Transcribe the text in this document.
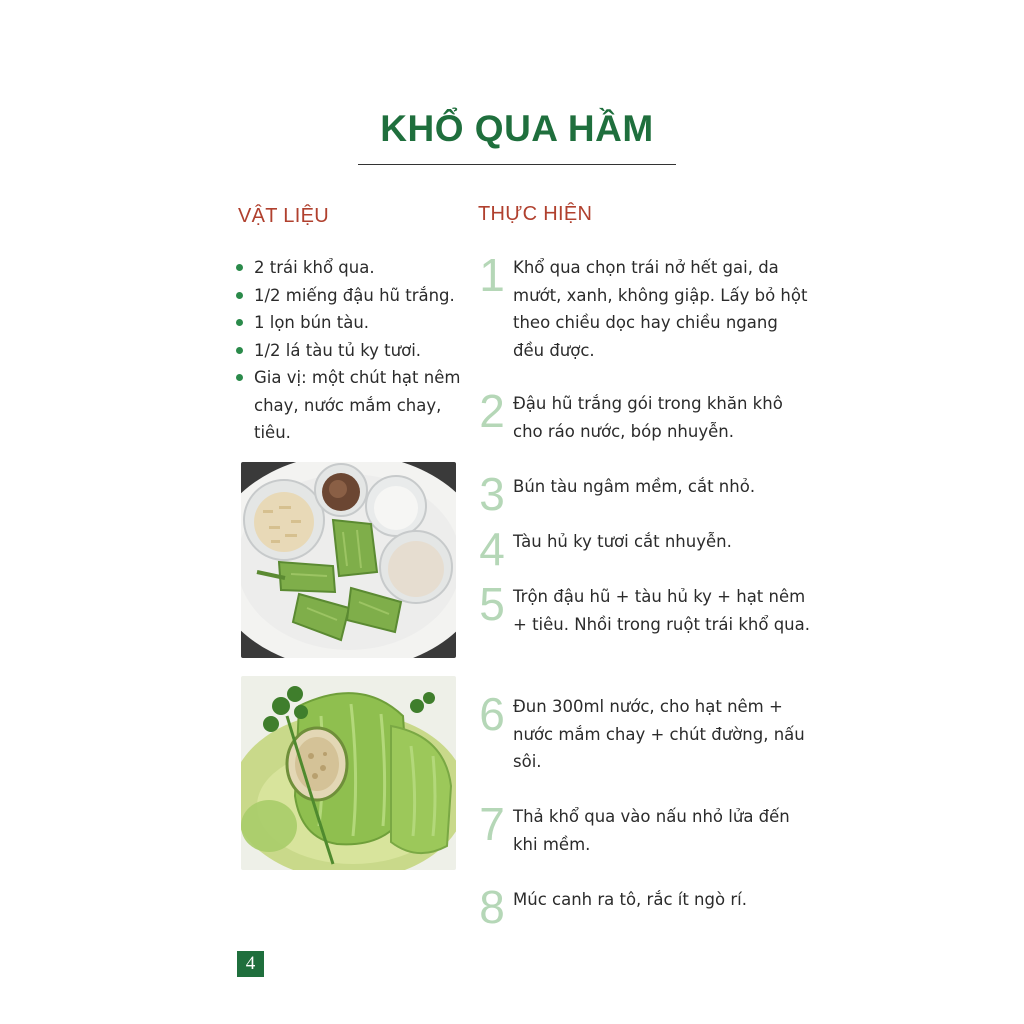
KHỔ QUA HẦM
VẬT LIỆU
2 trái khổ qua.
1/2 miếng đậu hũ trắng.
1 lọn bún tàu.
1/2 lá tàu tủ ky tươi.
Gia vị: một chút hạt nêm chay, nước mắm chay, tiêu.
THỰC HIỆN
1 Khổ qua chọn trái nở hết gai, da mướt, xanh, không giập. Lấy bỏ hột theo chiều dọc hay chiều ngang đều được.
2 Đậu hũ trắng gói trong khăn khô cho ráo nước, bóp nhuyễn.
3 Bún tàu ngâm mềm, cắt nhỏ.
4 Tàu hủ ky tươi cắt nhuyễn.
5 Trộn đậu hũ + tàu hủ ky + hạt nêm + tiêu. Nhồi trong ruột trái khổ qua.
6 Đun 300ml nước, cho hạt nêm + nước mắm chay + chút đường, nấu sôi.
7 Thả khổ qua vào nấu nhỏ lửa đến khi mềm.
8 Múc canh ra tô, rắc ít ngò rí.
4
